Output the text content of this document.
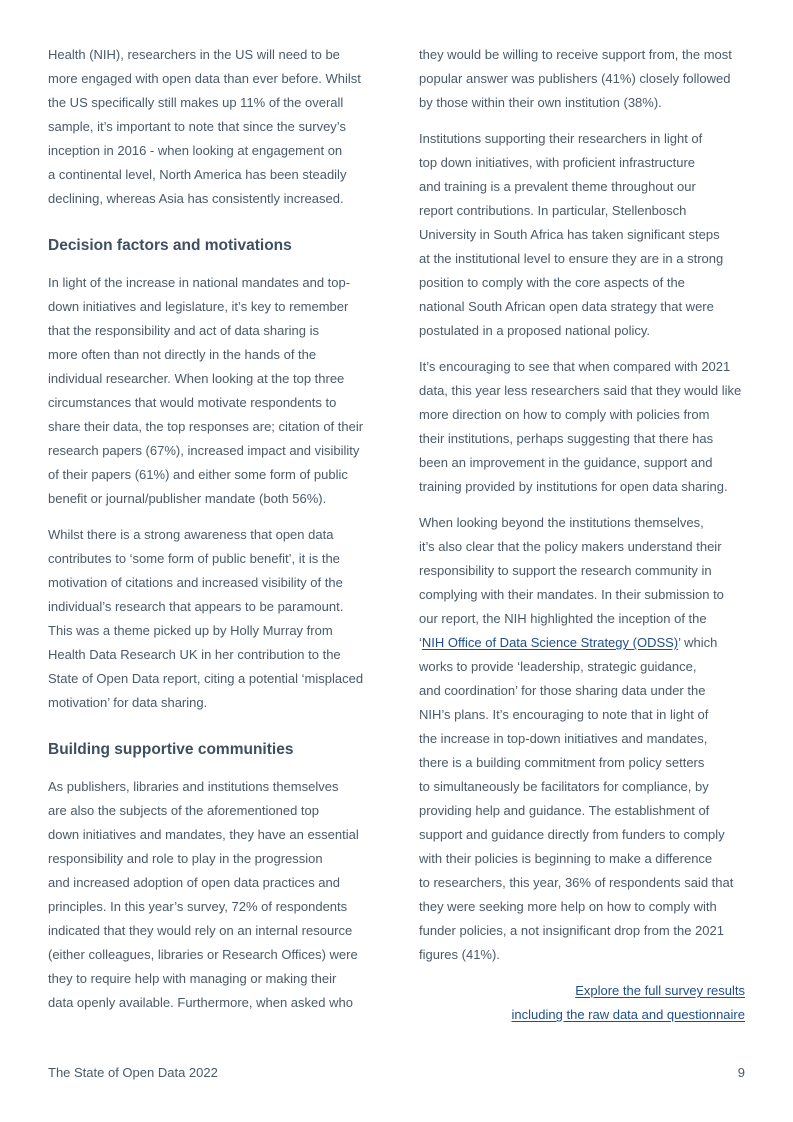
Health (NIH), researchers in the US will need to be
more engaged with open data than ever before. Whilst
the US specifically still makes up 11% of the overall
sample, it’s important to note that since the survey’s
inception in 2016 - when looking at engagement on
a continental level, North America has been steadily
declining, whereas Asia has consistently increased.
Decision factors and motivations
In light of the increase in national mandates and top-
down initiatives and legislature, it’s key to remember
that the responsibility and act of data sharing is
more often than not directly in the hands of the
individual researcher. When looking at the top three
circumstances that would motivate respondents to
share their data, the top responses are; citation of their
research papers (67%), increased impact and visibility
of their papers (61%) and either some form of public
benefit or journal/publisher mandate (both 56%).
Whilst there is a strong awareness that open data
contributes to ‘some form of public benefit’, it is the
motivation of citations and increased visibility of the
individual’s research that appears to be paramount.
This was a theme picked up by Holly Murray from
Health Data Research UK in her contribution to the
State of Open Data report, citing a potential ‘misplaced
motivation’ for data sharing.
Building supportive communities
As publishers, libraries and institutions themselves
are also the subjects of the aforementioned top
down initiatives and mandates, they have an essential
responsibility and role to play in the progression
and increased adoption of open data practices and
principles. In this year’s survey, 72% of respondents
indicated that they would rely on an internal resource
(either colleagues, libraries or Research Offices) were
they to require help with managing or making their
data openly available. Furthermore, when asked who
they would be willing to receive support from, the most
popular answer was publishers (41%) closely followed
by those within their own institution (38%).
Institutions supporting their researchers in light of
top down initiatives, with proficient infrastructure
and training is a prevalent theme throughout our
report contributions. In particular, Stellenbosch
University in South Africa has taken significant steps
at the institutional level to ensure they are in a strong
position to comply with the core aspects of the
national South African open data strategy that were
postulated in a proposed national policy.
It’s encouraging to see that when compared with 2021
data, this year less researchers said that they would like
more direction on how to comply with policies from
their institutions, perhaps suggesting that there has
been an improvement in the guidance, support and
training provided by institutions for open data sharing.
When looking beyond the institutions themselves,
it’s also clear that the policy makers understand their
responsibility to support the research community in
complying with their mandates. In their submission to
our report, the NIH highlighted the inception of the
‘NIH Office of Data Science Strategy (ODSS)’ which
works to provide ‘leadership, strategic guidance,
and coordination’ for those sharing data under the
NIH’s plans. It’s encouraging to note that in light of
the increase in top-down initiatives and mandates,
there is a building commitment from policy setters
to simultaneously be facilitators for compliance, by
providing help and guidance. The establishment of
support and guidance directly from funders to comply
with their policies is beginning to make a difference
to researchers, this year, 36% of respondents said that
they were seeking more help on how to comply with
funder policies, a not insignificant drop from the 2021
figures (41%).
Explore the full survey results
including the raw data and questionnaire
The State of Open Data 2022	9
